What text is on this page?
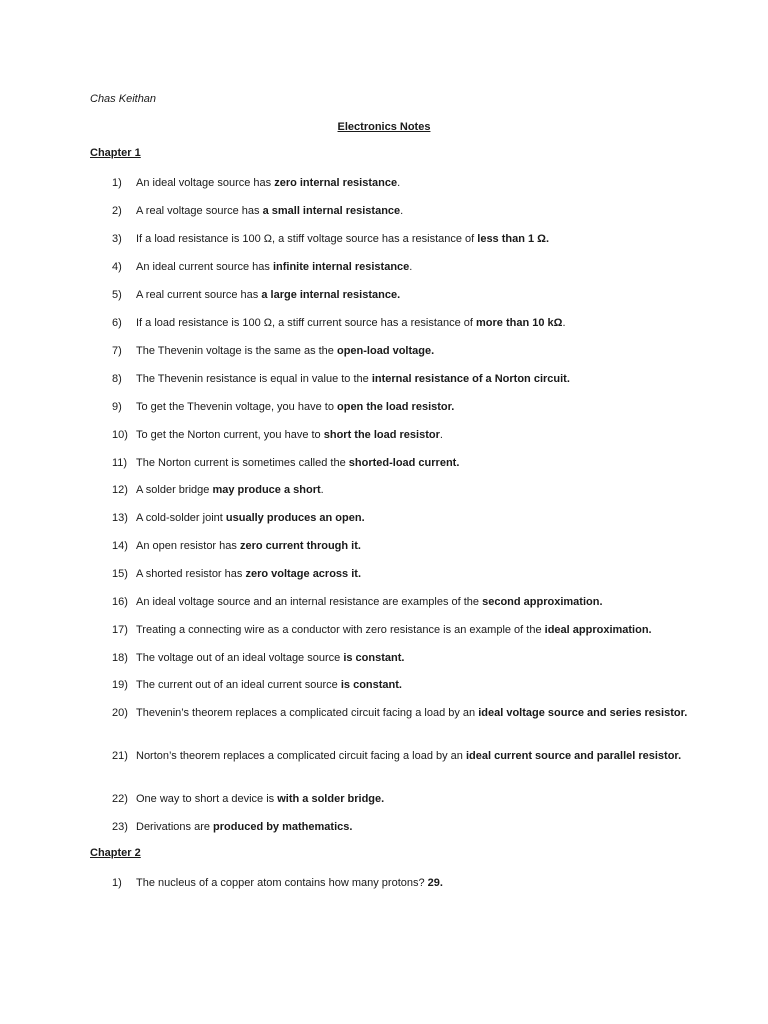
Chas Keithan
Electronics Notes
Chapter 1
1)	An ideal voltage source has zero internal resistance.
2)	A real voltage source has a small internal resistance.
3)	If a load resistance is 100 Ω, a stiff voltage source has a resistance of less than 1 Ω.
4)	An ideal current source has infinite internal resistance.
5)	A real current source has a large internal resistance.
6)	If a load resistance is 100 Ω, a stiff current source has a resistance of more than 10 kΩ.
7)	The Thevenin voltage is the same as the open-load voltage.
8)	The Thevenin resistance is equal in value to the internal resistance of a Norton circuit.
9)	To get the Thevenin voltage, you have to open the load resistor.
10) To get the Norton current, you have to short the load resistor.
11) The Norton current is sometimes called the shorted-load current.
12) A solder bridge may produce a short.
13) A cold-solder joint usually produces an open.
14) An open resistor has zero current through it.
15) A shorted resistor has zero voltage across it.
16) An ideal voltage source and an internal resistance are examples of the second approximation.
17) Treating a connecting wire as a conductor with zero resistance is an example of the ideal approximation.
18) The voltage out of an ideal voltage source is constant.
19) The current out of an ideal current source is constant.
20) Thevenin’s theorem replaces a complicated circuit facing a load by an ideal voltage source and series resistor.
21) Norton’s theorem replaces a complicated circuit facing a load by an ideal current source and parallel resistor.
22) One way to short a device is with a solder bridge.
23) Derivations are produced by mathematics.
Chapter 2
1)	The nucleus of a copper atom contains how many protons? 29.
